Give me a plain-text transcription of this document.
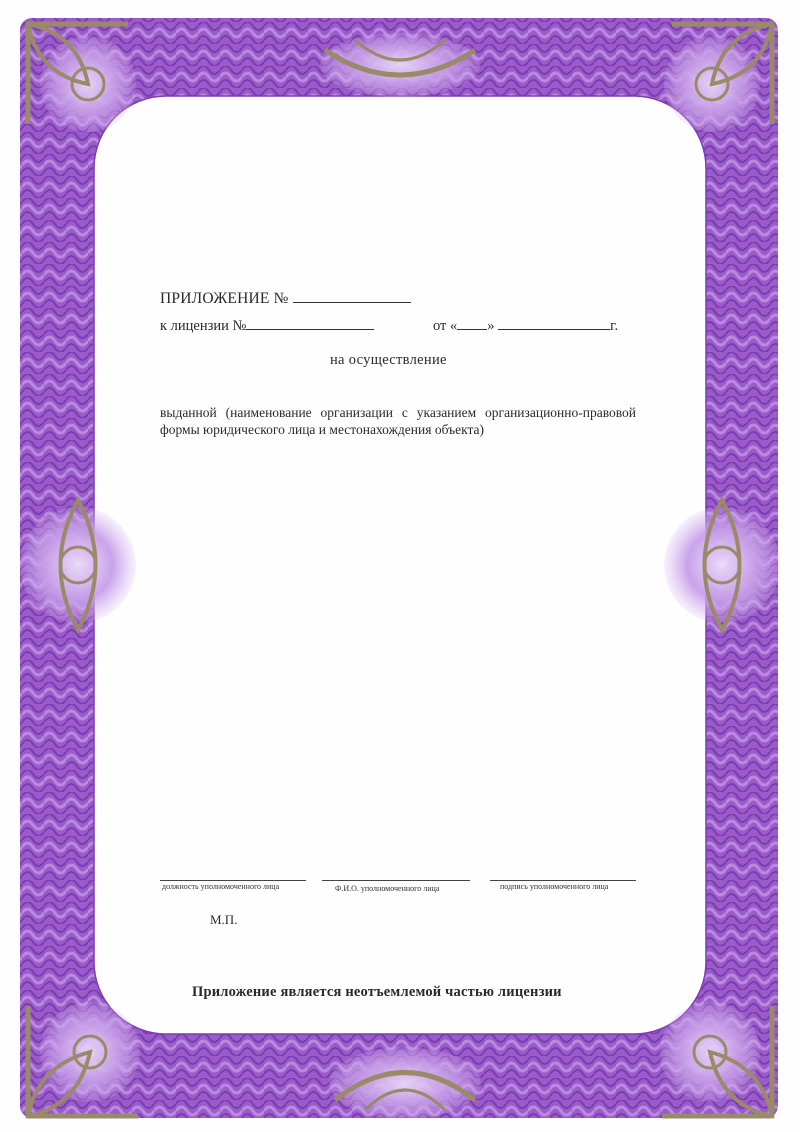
ПРИЛОЖЕНИЕ №
к лицензии №	от « »	г.
на осуществление
выданной (наименование организации с указанием организационно-правовой формы юридического лица и местонахождения объекта)
должность уполномоченного лица	Ф.И.О. уполномоченного лица	подпись уполномоченного лица
М.П.
Приложение является неотъемлемой частью лицензии
